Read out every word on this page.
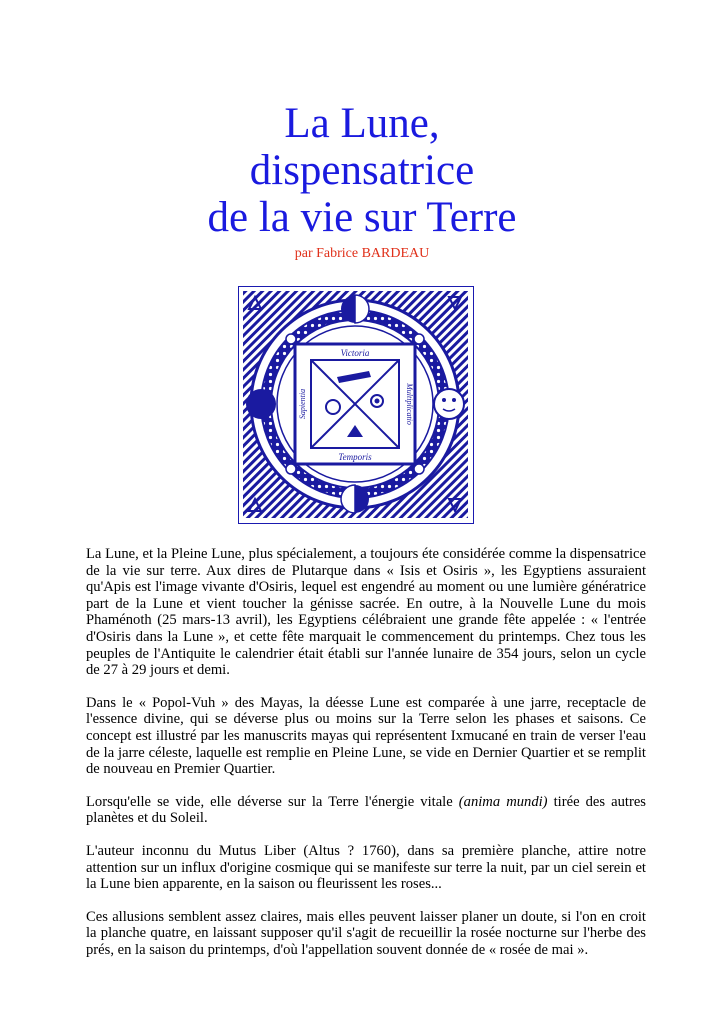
La Lune,
dispensatrice
de la vie sur Terre
par Fabrice BARDEAU
Victoria
Temporis
Sapientia	Multiplicatio

La Lune, et la Pleine Lune, plus spécialement, a toujours éte considérée comme la dispensatrice de la vie sur terre. Aux dires de Plutarque dans « Isis et Osiris », les Egyptiens assuraient qu'Apis est l'image vivante d'Osiris, lequel est engendré au moment ou une lumière génératrice part de la Lune et vient toucher la génisse sacrée. En outre, à la Nouvelle Lune du mois Phaménoth (25 mars-13 avril), les Egyptiens célébraient une grande fête appelée : « l'entrée d'Osiris dans la Lune », et cette fête marquait le commencement du printemps. Chez tous les peuples de l'Antiquite le calendrier était établi sur l'année lunaire de 354 jours, selon un cycle de 27 à 29 jours et demi.

Dans le « Popol-Vuh » des Mayas, la déesse Lune est comparée à une jarre, receptacle de l'essence divine, qui se déverse plus ou moins sur la Terre selon les phases et saisons. Ce concept est illustré par les manuscrits mayas qui représentent Ixmucané en train de verser l'eau de la jarre céleste, laquelle est remplie en Pleine Lune, se vide en Dernier Quartier et se remplit de nouveau en Premier Quartier.

Lorsqu'elle se vide, elle déverse sur la Terre l'énergie vitale (anima mundi) tirée des autres planètes et du Soleil.

L'auteur inconnu du Mutus Liber (Altus ? 1760), dans sa première planche, attire notre attention sur un influx d'origine cosmique qui se manifeste sur terre la nuit, par un ciel serein et la Lune bien apparente, en la saison ou fleurissent les roses...

Ces allusions semblent assez claires, mais elles peuvent laisser planer un doute, si l'on en croit la planche quatre, en laissant supposer qu'il s'agit de recueillir la rosée nocturne sur l'herbe des prés, en la saison du printemps, d'où l'appellation souvent donnée de « rosée de mai ».
